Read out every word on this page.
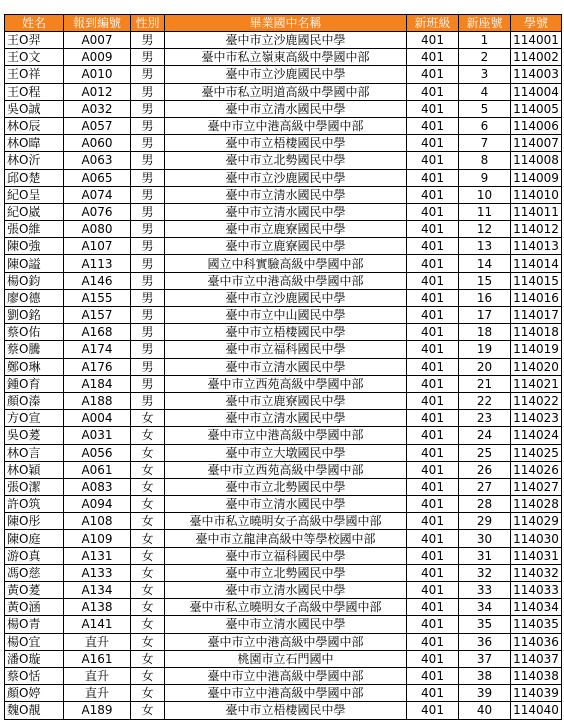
姓名	報到編號	性別	畢業國中名稱	新班級	新座號	學號
王O羿	A007	男	臺中市立沙鹿國民中學	401	1	114001
王O文	A009	男	臺中市私立嶺東高級中學國中部	401	2	114002
王O祥	A010	男	臺中市立沙鹿國民中學	401	3	114003
王O程	A012	男	臺中市私立明道高級中學國中部	401	4	114004
吳O誠	A032	男	臺中市立清水國民中學	401	5	114005
林O辰	A057	男	臺中市立中港高級中學國中部	401	6	114006
林O暐	A060	男	臺中市立梧棲國民中學	401	7	114007
林O沂	A063	男	臺中市立北勢國民中學	401	8	114008
邱O楚	A065	男	臺中市立沙鹿國民中學	401	9	114009
紀O呈	A074	男	臺中市立清水國民中學	401	10	114010
紀O崴	A076	男	臺中市立清水國民中學	401	11	114011
張O維	A080	男	臺中市立鹿寮國民中學	401	12	114012
陳O強	A107	男	臺中市立鹿寮國民中學	401	13	114013
陳O謚	A113	男	國立中科實驗高級中學國中部	401	14	114014
楊O鈞	A146	男	臺中市立中港高級中學國中部	401	15	114015
廖O德	A155	男	臺中市立沙鹿國民中學	401	16	114016
劉O銘	A157	男	臺中市立中山國民中學	401	17	114017
蔡O佑	A168	男	臺中市立梧棲國民中學	401	18	114018
蔡O騰	A174	男	臺中市立福科國民中學	401	19	114019
鄭O琳	A176	男	臺中市立清水國民中學	401	20	114020
鍾O育	A184	男	臺中市立西苑高級中學國中部	401	21	114021
顏O溱	A188	男	臺中市立鹿寮國民中學	401	22	114022
方O宣	A004	女	臺中市立清水國民中學	401	23	114023
吳O萲	A031	女	臺中市立中港高級中學國中部	401	24	114024
林O言	A056	女	臺中市立大墩國民中學	401	25	114025
林O穎	A061	女	臺中市立西苑高級中學國中部	401	26	114026
張O潔	A083	女	臺中市立北勢國民中學	401	27	114027
許O筑	A094	女	臺中市立清水國民中學	401	28	114028
陳O彤	A108	女	臺中市私立曉明女子高級中學國中部	401	29	114029
陳O庭	A109	女	臺中市立龍津高級中等學校國中部	401	30	114030
游O真	A131	女	臺中市立福科國民中學	401	31	114031
馮O慈	A133	女	臺中市立北勢國民中學	401	32	114032
黃O萲	A134	女	臺中市立清水國民中學	401	33	114033
黃O涵	A138	女	臺中市私立曉明女子高級中學國中部	401	34	114034
楊O青	A141	女	臺中市立清水國民中學	401	35	114035
楊O宜	直升	女	臺中市立中港高級中學國中部	401	36	114036
潘O璇	A161	女	桃園市立石門國中	401	37	114037
蔡O恬	直升	女	臺中市立中港高級中學國中部	401	38	114038
顏O婷	直升	女	臺中市立中港高級中學國中部	401	39	114039
魏O靚	A189	女	臺中市立梧棲國民中學	401	40	114040
